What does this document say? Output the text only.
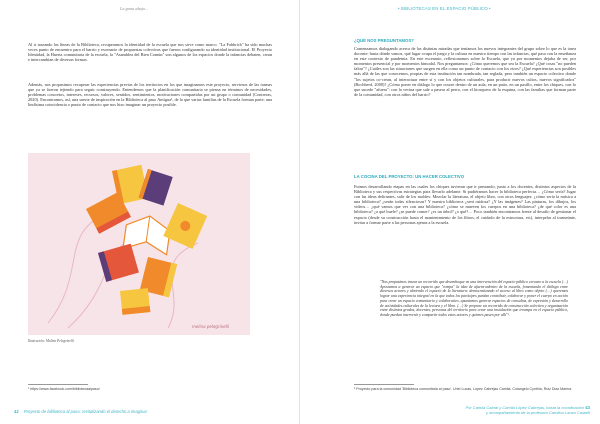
La gesta abajo...

Al ir trazando las líneas de la Biblioteca, recuperamos la identidad de la escuela que nos sirve como marco. "La Fabbrich" ha sido muchas veces punto de encuentro para el barrio y escenario de propuestas colectivas que fueron configurando su identidad institucional. El Proyecto Identidad, la Huerta comunitaria de la escuela, la "Asamblea del Bien Común" son algunos de los espacios donde la infancias debaten, crean e intercambian de diversas formas.

Además, nos propusimos recuperar las experiencias previas de los territorios en los que imaginamos este proyecto, servirnos de las tramas que ya se fueron tejiendo para seguir construyendo. Entendemos que la planificación comunitaria se piensa en términos de necesidades, problemas concretos, intereses, recursos, valores, sentidos, sentimientos, motivaciones compartidas por un grupo o comunidad (Contreras, 2020). Encontramos, así, una suerte de inspiración en la Biblioteca al paso Antigua¹, de la que varias familias de la Escuela forman parte; una lindísima coincidencia o punto de contacto que nos hizo imaginar un proyecto posible.

melina pelegrinelli
Ilustración: Melina Pelegrinelli
¹ https://www.facebook.com/bibliotecaalpaso/
42 Proyecto de biblioteca al paso: revitalizando el derecho a imaginar
• BIBLIOTECAS EN EL ESPACIO PÚBLICO •
¿QUÉ NOS PREGUNTAMOS?

Comenzamos dialogando acerca de las distintas miradas que teníamos los nuevos integrantes del grupo sobre lo que es la tarea docente: hasta dónde vamos, qué lugar ocupa el juego y la cultura en nuestro tiempo con las infancias, qué pasa con la enseñanza en este contexto de pandemia. En este escenario, reflexionamos sobre la Escuela, que ya por momentos dejaba de ser, por momentos presencial y por momentos bimodal. Nos preguntamos: ¿Cómo queremos que sea la Escuela? ¿Qué cosas "no pueden faltar"? ¿Cuáles son las situaciones que surgen en ella como un punto de contacto con los otros? ¿Qué experiencias son posibles más allá de las que conocemos, propias de esta institución tan nombrada, tan reglada, pero también un espacio colectivo donde "los sujetos co-crean, al interactuar entre sí y con los objetos culturales, para producir nuevos cultos, nuevos significados" (Bochberd, 2000)? ¿Cómo poner en diálogo lo que ocurre dentro de un aula, en un patio, en un pasillo, entre los chiques, con lo que sucede "afuera": con la vecina que sale a pasear al perro, con el kiosquero de la esquina, con las familias que forman parte de la comunidad, con otros niños del barrio?

LA COCINA DEL PROYECTO: UN HACER COLECTIVO

Fuimos desarrollando etapas en las cuales los chiques tuvieran que ir pensando, junto a los docentes, distintos aspectos de la Biblioteca y sus respectivas estrategias para llevarlo adelante. Si pudiéramos hacer la biblioteca perfecta… ¿Cómo sería? Jugar con las ideas delirantes, salir de los moldes: Mezclar la literatura, el objeto libro, con otros lenguajes: ¿cómo sería la música a una biblioteca? ¿serán todas silenciosas? Y nuestra biblioteca ¿será ruidosa? ¿Y las imágenes? Las pinturas, los dibujos, los videos… ¿qué vamos que ver con una biblioteca? ¿cómo se mueven los cuerpos en una biblioteca? ¿de qué color es una biblioteca? ¿a qué huele? ¿se puede comer? ¿es un árbol? ¿o qué?… Poco también encontramos frente al desafío de gestionar el espacio (desde su construcción hasta el mantenimiento de los libros, el cuidado de la estructura, etc), interpelar al transeúnte, invitar a formar parte a las personas ajenas a la escuela.

"Nos propusimos trazar un recorrido que desemboque en una intervención del espacio público cercano a la escuela (…) Apostamos a generar un espacio que "rompa" la idea de afuera-adentro de la escuela, fomentando el diálogo entre diversos actores y abriendo el espacio de la literatura: democratizando el acceso al libro como objeto (…) queremos lograr una experiencia integral en la que todos los participes puedan contribuir, colaborar y poner el cuerpo en acción para crear un espacio comunitario y colaborativo, apuntamos generar espacios de consultas, de expresión y desarrollo de actividades culturales de la lectura y el libro. (…) Se propone un recorrido de construcción colectiva y organización entre distintos grados, docentes, personas del territorio para crear una instalación que irrumpa en el espacio público, donde puedan intervenir y compartir todos estos actores y quienes pasen por allí"².

² Proyecto para la comunidad 'Biblioteca comunitaria al paso'. Uriel Lucas, López Cabrejas Camila, Colangelo Cynthia, Ruiz Diaz Marina.
Por Camila Cabral y Camila López Cabrejas, hasta la coordinación 43
y acompañamiento de la profesora Carolina Lanza Castelli
